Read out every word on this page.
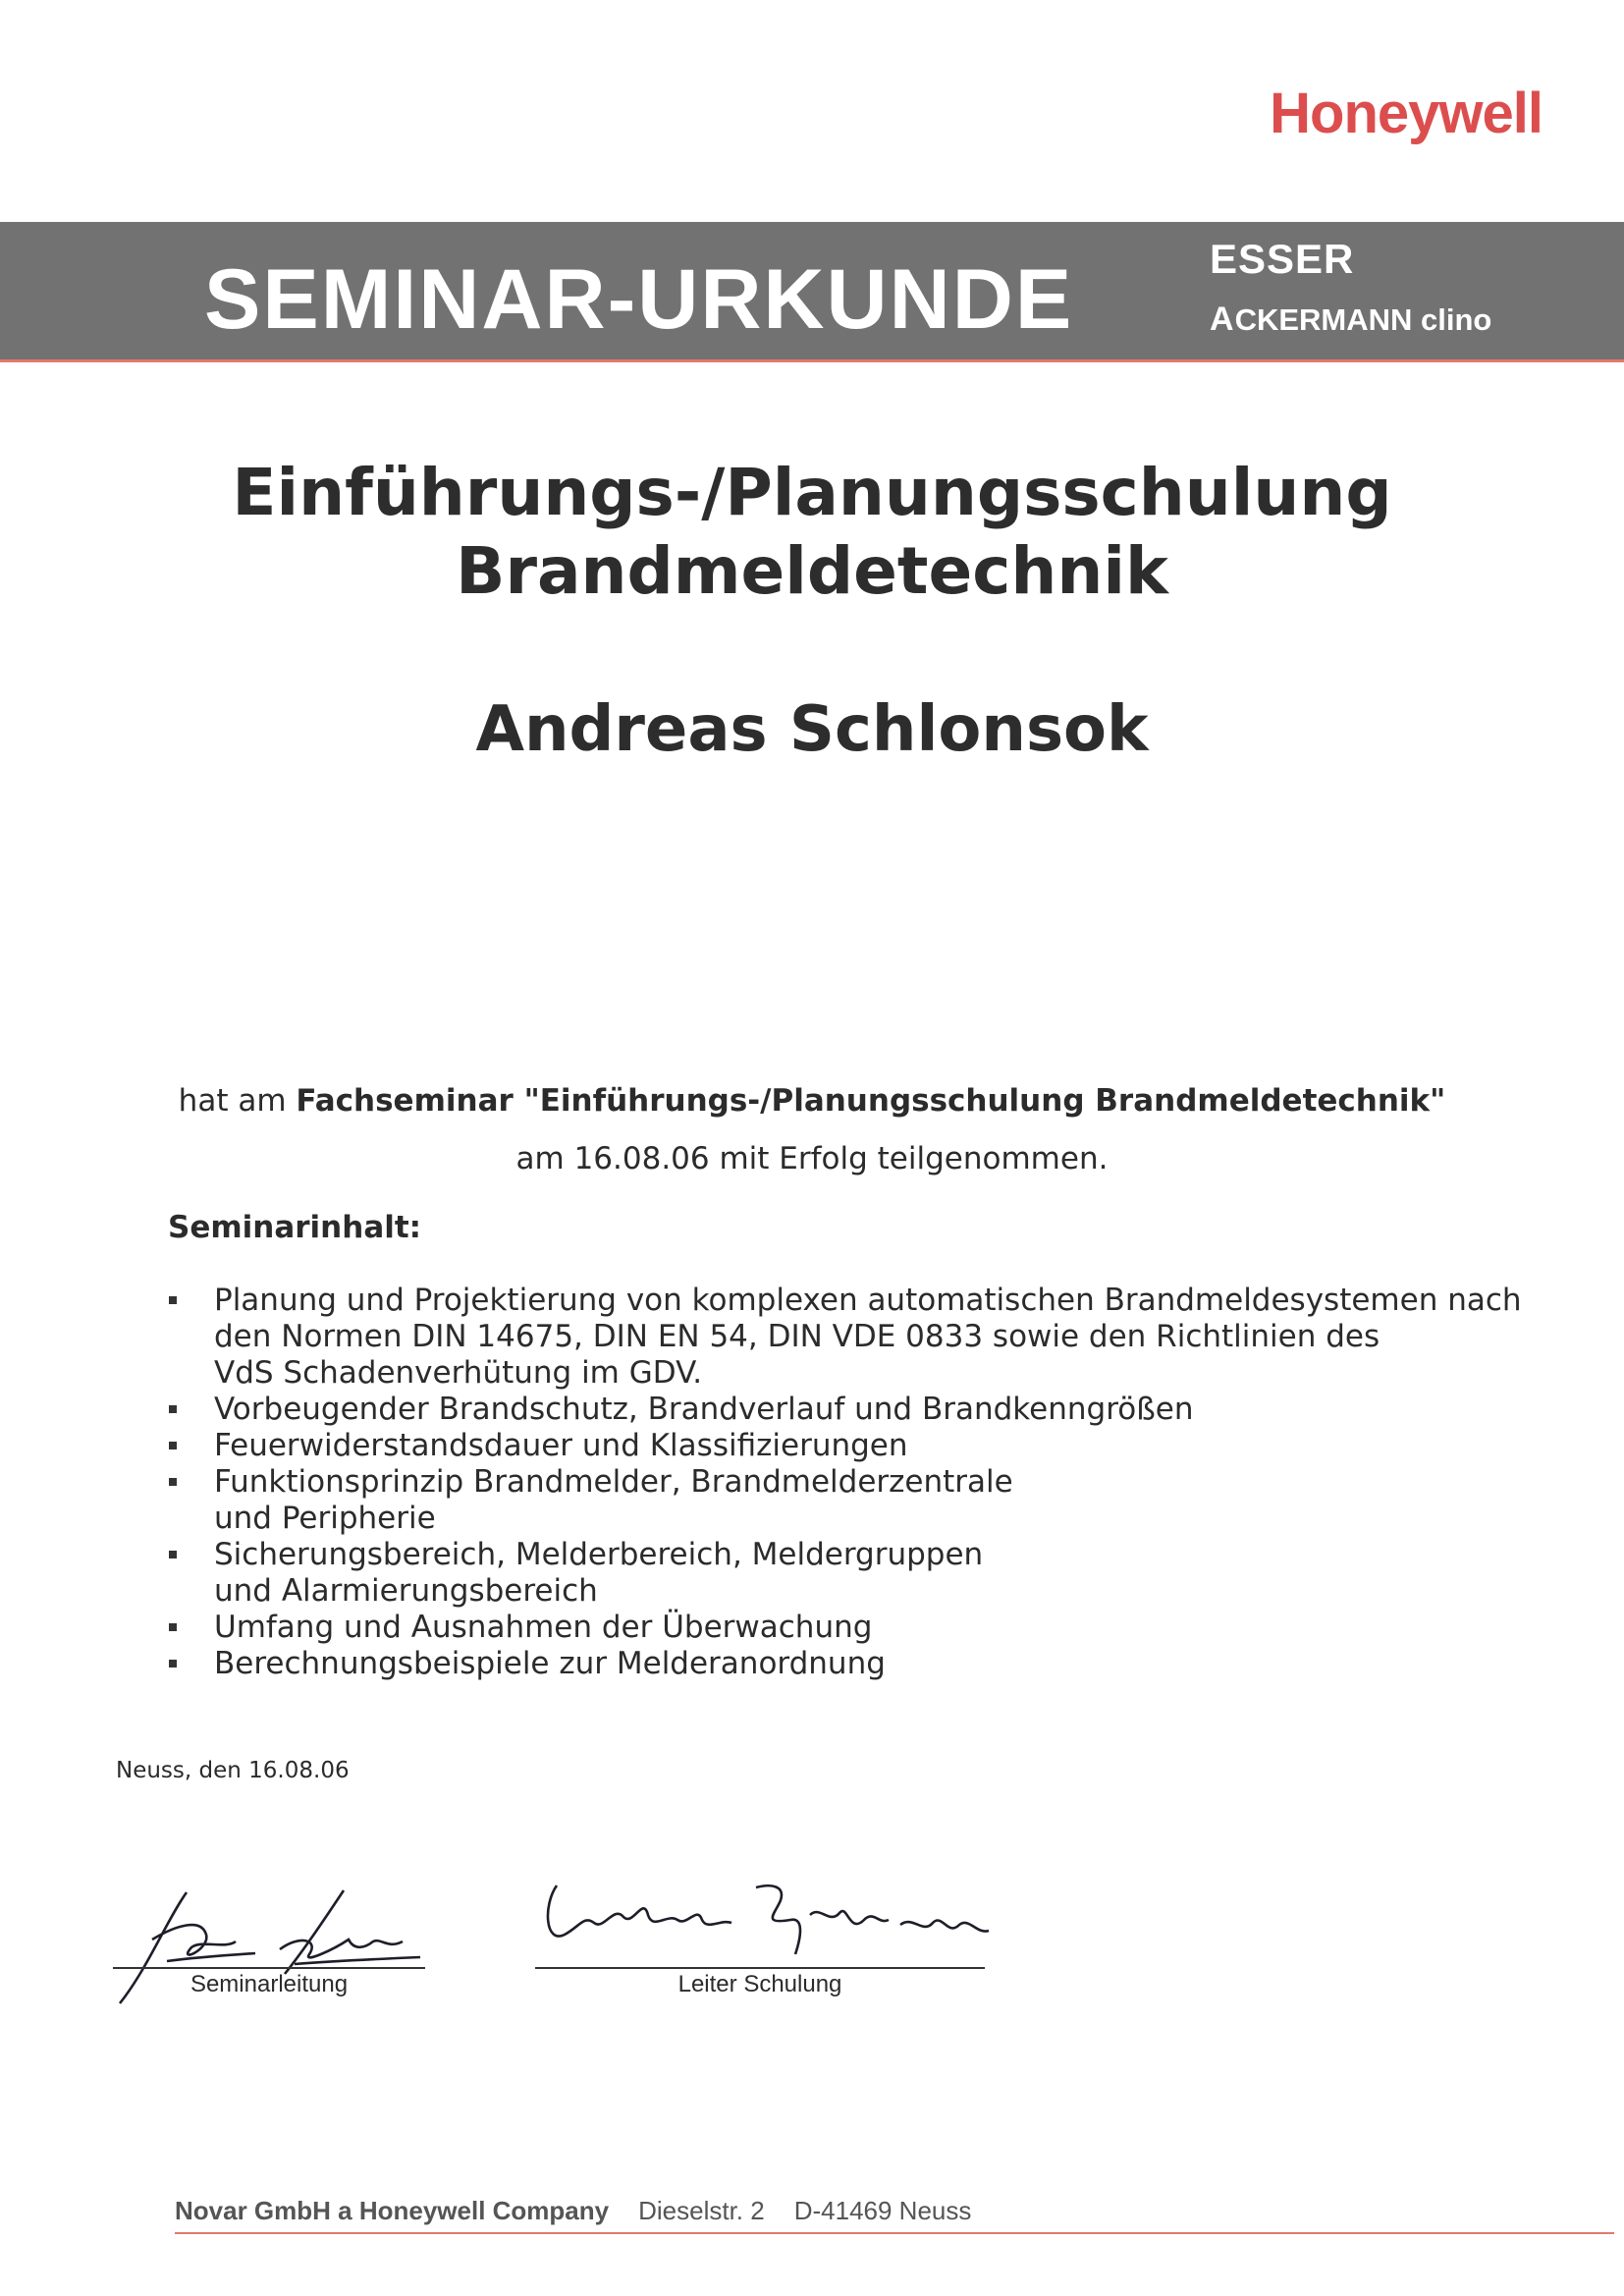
Honeywell
SEMINAR-URKUNDE	ESSER
ACKERMANN clino
Einführungs-/Planungsschulung
Brandmeldetechnik
Andreas Schlonsok
hat am Fachseminar "Einführungs-/Planungsschulung Brandmeldetechnik"
am 16.08.06 mit Erfolg teilgenommen.
Seminarinhalt:
Planung und Projektierung von komplexen automatischen Brandmeldesystemen nach
den Normen DIN 14675, DIN EN 54, DIN VDE 0833 sowie den Richtlinien des
VdS Schadenverhütung im GDV.
Vorbeugender Brandschutz, Brandverlauf und Brandkenngrößen
Feuerwiderstandsdauer und Klassifizierungen
Funktionsprinzip Brandmelder, Brandmelderzentrale
und Peripherie
Sicherungsbereich, Melderbereich, Meldergruppen
und Alarmierungsbereich
Umfang und Ausnahmen der Überwachung
Berechnungsbeispiele zur Melderanordnung
Neuss, den 16.08.06
Seminarleitung	Leiter Schulung
Novar GmbH a Honeywell Company Dieselstr. 2 D-41469 Neuss
